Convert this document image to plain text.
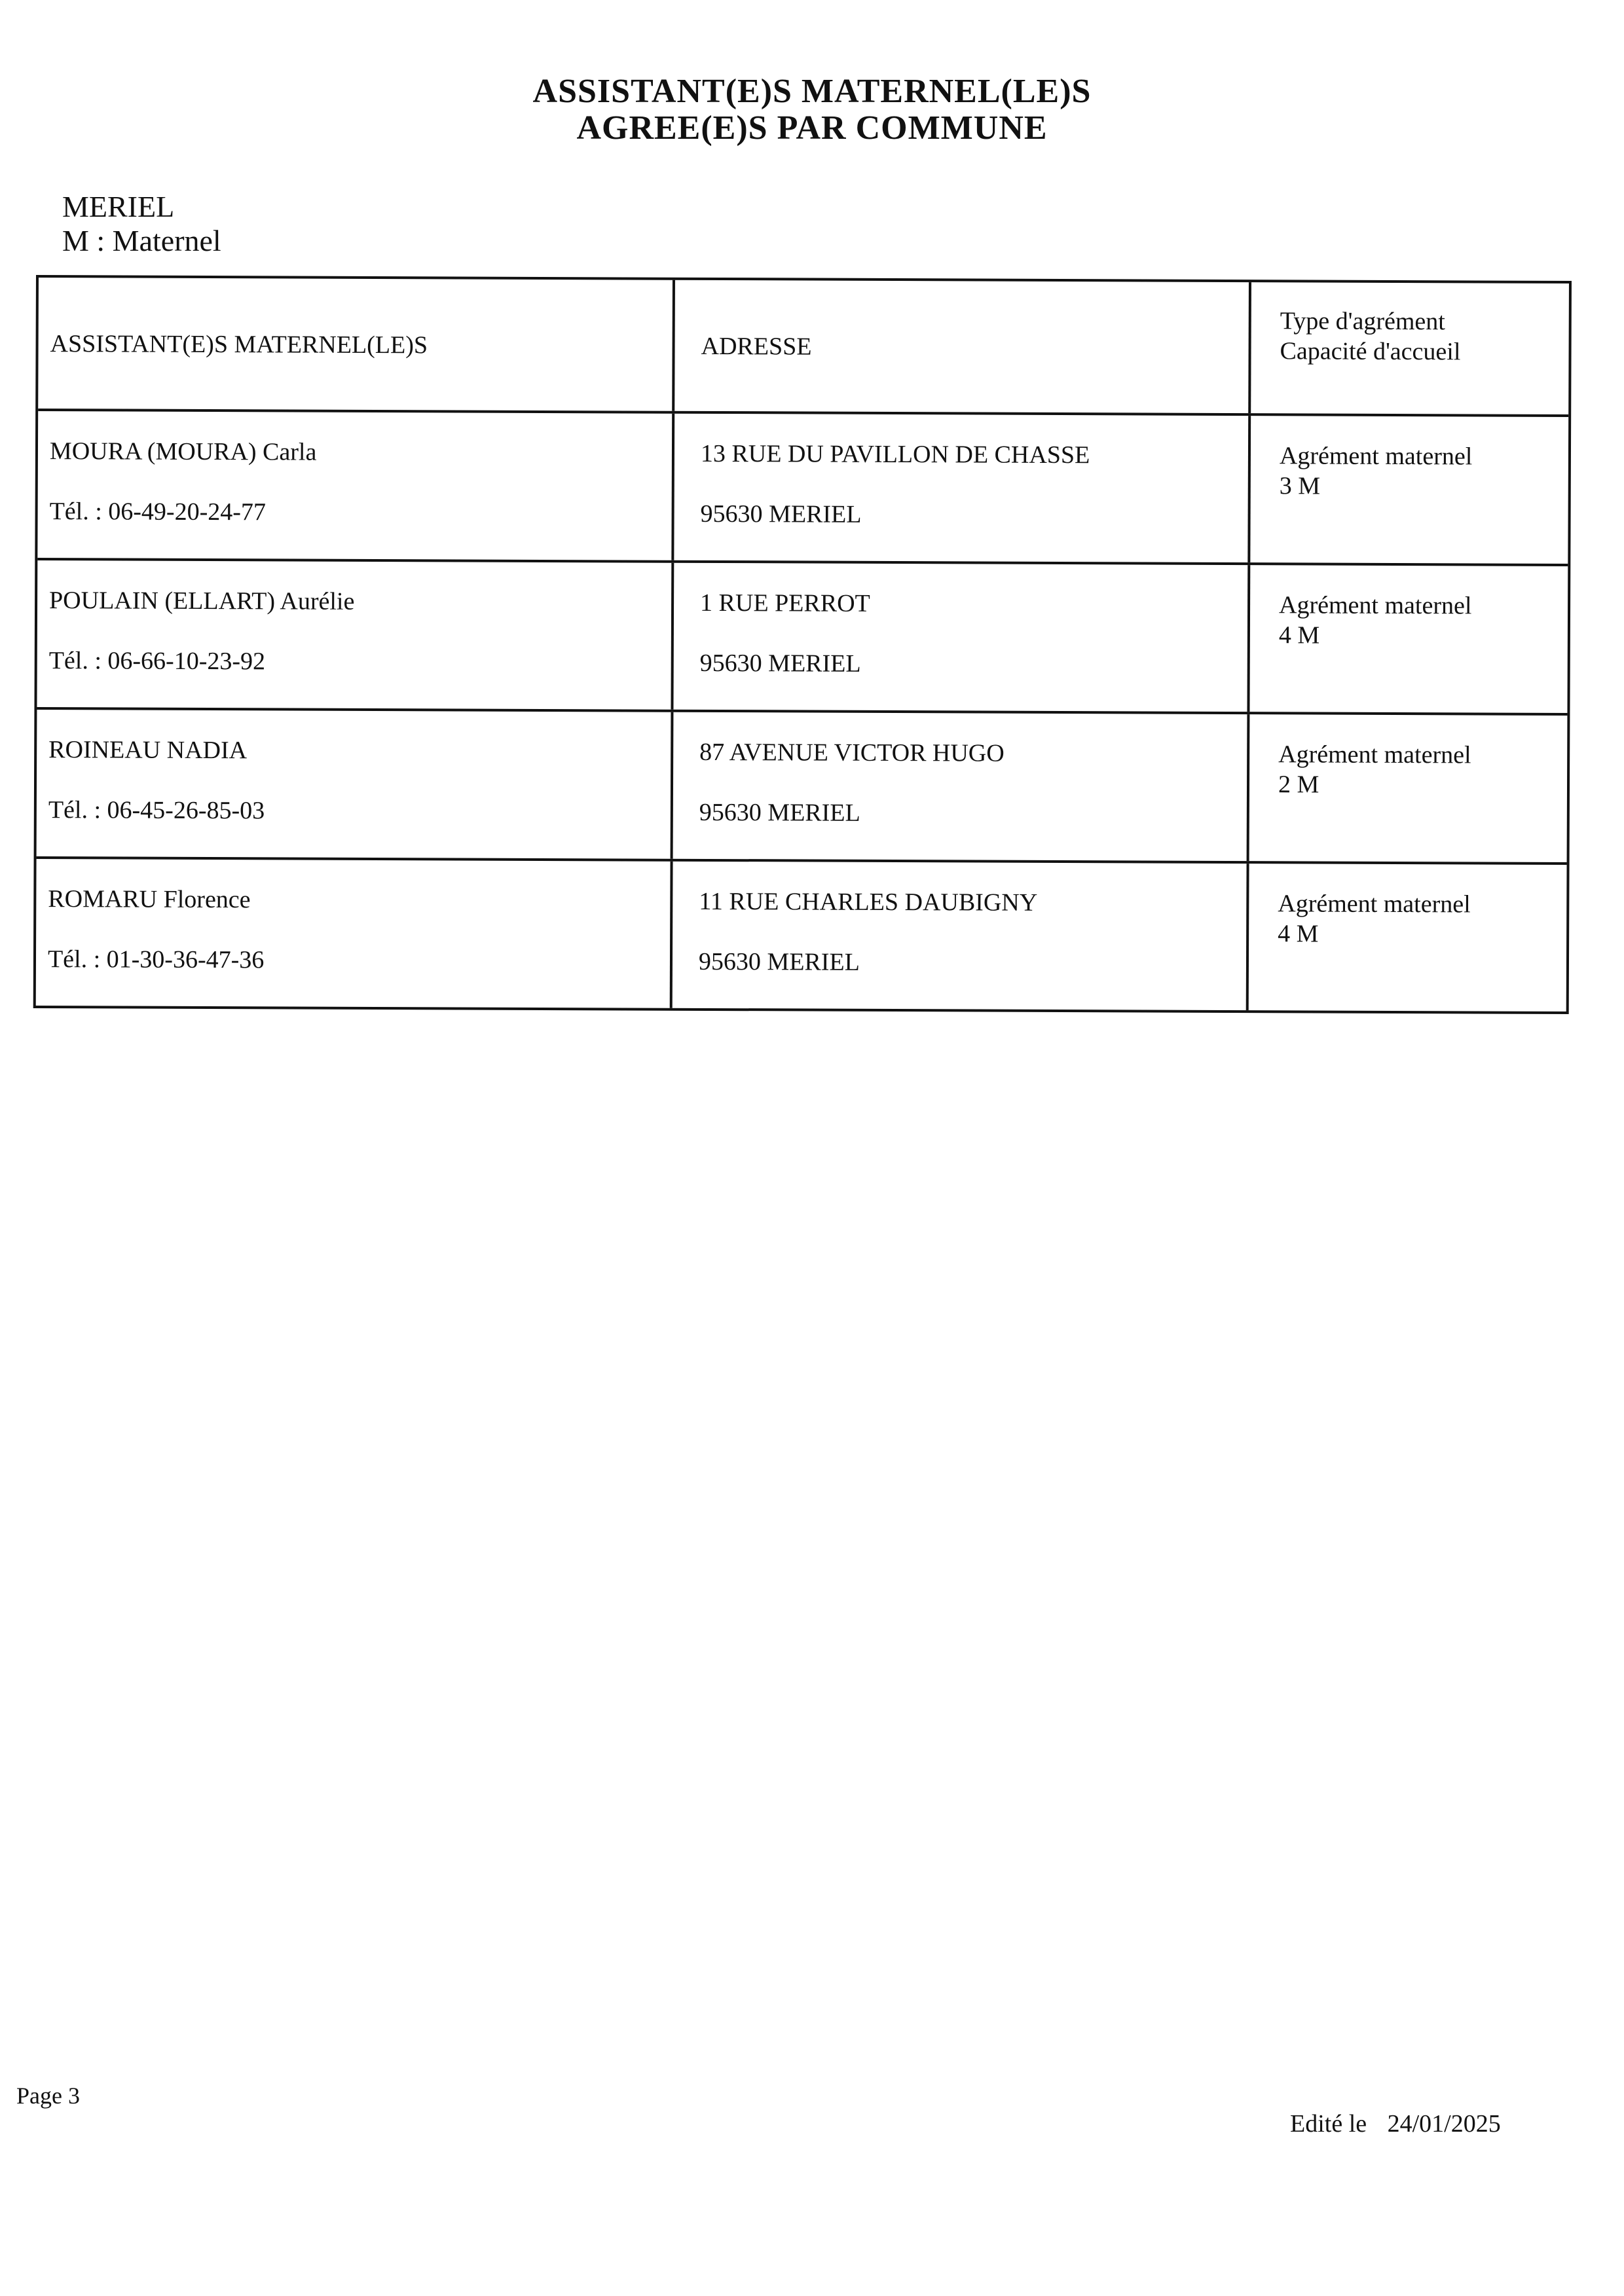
ASSISTANT(E)S MATERNEL(LE)S
AGREE(E)S PAR COMMUNE
MERIEL
M : Maternel
ASSISTANT(E)S MATERNEL(LE)S	ADRESSE
Type d'agrément
Capacité d'accueil
MOURA (MOURA) Carla
Tél. : 06-49-20-24-77
13 RUE DU PAVILLON DE CHASSE
95630 MERIEL
Agrément maternel
3 M
POULAIN (ELLART) Aurélie
Tél. : 06-66-10-23-92
1 RUE PERROT
95630 MERIEL
Agrément maternel
4 M
ROINEAU NADIA
Tél. : 06-45-26-85-03
87 AVENUE VICTOR HUGO
95630 MERIEL
Agrément maternel
2 M
ROMARU Florence
Tél. : 01-30-36-47-36
11 RUE CHARLES DAUBIGNY
95630 MERIEL
Agrément maternel
4 M
Page 3
Edité le 24/01/2025
